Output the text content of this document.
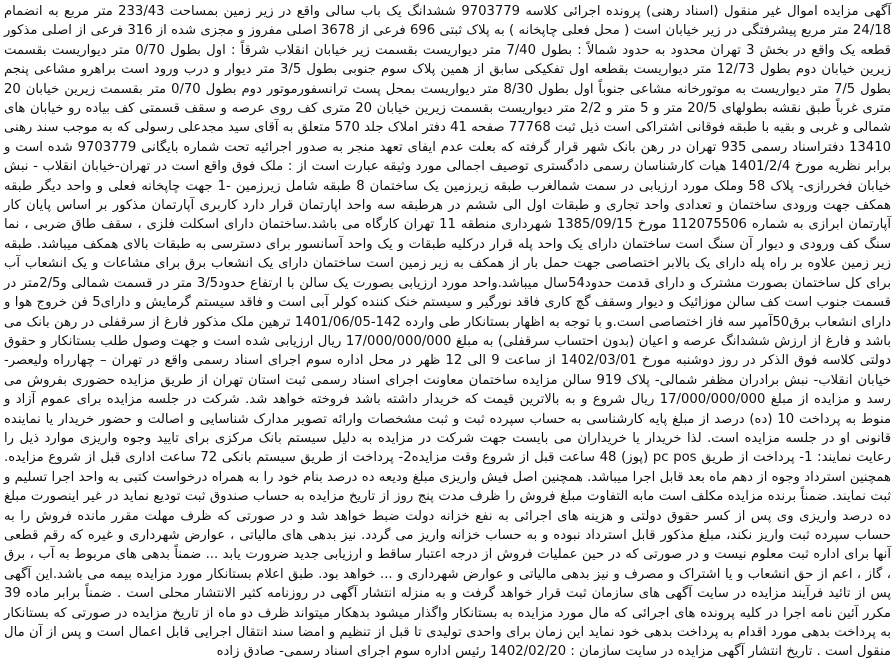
آگهی مزایده اموال غیر منقول (اسناد رهنی) پرونده اجرائی کلاسه 9703779 ششدانگ یک باب سالی واقع در زیر زمین بمساحت 233/43 متر مربع به انضمام 24/18 متر مربع پیشرفتگی در زیر خیابان است ( محل فعلی چاپخانه ) به پلاک ثبتی 696 فرعی از 3678 اصلی مفروز و مجزی شده از 316 فرعی از اصلی مذکور قطعه یک واقع در بخش 3 تهران محدود به حدود شمالاً : بطول 7/40 متر دیواریست بقسمت زیر خیابان انقلاب شرقاً : اول بطول 0/70 متر دیواریست بقسمت زیرین خیابان دوم بطول 12/73 متر دیواریست بقطعه اول تفکیکی سابق از همین پلاک سوم جنوبی بطول 3/5 متر دیوار و درب ورود است براهرو مشاعی پنجم بطول 7/5 متر دیواریست به موتورخانه مشاعی جنوباً اول بطول 8/30 متر دیواریست بمحل پست ترانسفورموتور دوم بطول 0/70 متر بقسمت زیرین خیابان 20 متری غرباً طبق نقشه بطولهای 20/5 متر و 5 متر و 2/2 متر دیواریست بقسمت زیرین خیابان 20 متری کف روی عرصه و سقف قسمتی کف بیاده رو خیابان های شمالی و غربی و بقیه با طبقه فوقانی اشتراکی است ذیل ثبت 77768 صفحه 41 دفتر املاک جلد 570 متعلق به آقای سید مجدعلی رسولی که به موجب سند رهنی 13410 دفتراسناد رسمی 935 تهران در رهن بانک شهر قرار گرفته که بعلت عدم ایفای تعهد منجر به صدور اجرائیه تحت شماره بایگانی 9703779 شده است و برابر نظریه مورخ 1401/2/4 هیات کارشناسان رسمی دادگستری توصیف اجمالی مورد وثیقه عبارت است از : ملک فوق واقع است در تهران-خیابان انقلاب - نبش خیابان فخررازی- پلاک 58 وملک مورد ارزیابی در سمت شمالغرب طبقه زیرزمین یک ساختمان 8 طبقه شامل زیرزمین -1 جهت چاپخانه فعلی و واحد دیگر طبقه همکف جهت ورودی ساختمان و تعدادی واحد تجاری و طبقات اول الی ششم در هرطبقه سه واحد اپارتمان قرار دارد کاربری آپارتمان مذکور بر اساس پایان کار آپارتمان ابرازی به شماره 112075506 مورخ 1385/09/15 شهرداری منطقه 11 تهران کارگاه می باشد.ساختمان دارای اسکلت فلزی ، سقف طاق ضربی ، نما سنگ کف ورودی و دیوار آن سنگ است ساختمان دارای یک واحد پله قرار درکلیه طبقات و یک واحد آسانسور برای دسترسی به طبقات بالای همکف میباشد. طبقه زیر زمین علاوه بر راه پله دارای یک بالابر اختصاصی جهت حمل بار از همکف به زیر زمین است ساختمان دارای یک انشعاب برق برای مشاعات و یک انشعاب آب برای کل ساختمان بصورت مشترک و دارای قدمت حدود54سال میباشد.واحد مورد ارزیابی بصورت یک سالن با ارتفاع حدود3/5 متر در قسمت شمالی و2/5متر در قسمت جنوب است کف سالن موزائیک و دیوار وسقف گچ کاری فاقد نورگیر و سیستم خنک کننده کولر آبی است و فاقد سیستم گرمایش و دارای5 فن خروج هوا و دارای انشعاب برق50آمپر سه فاز اختصاصی است.و با توجه به اظهار بستانکار طی وارده 142-1401/06/05 ترهین ملک مذکور فارغ از سرقفلی در رهن بانک می باشد و فارغ از ارزش ششدانگ عرصه و اعیان (بدون احتساب سرقفلی) به مبلغ 17/000/000/000 ریال ارزیابی شده است و جهت وصول طلب بستانکار و حقوق دولتی کلاسه فوق الذکر در روز دوشنبه مورخ 1402/03/01 از ساعت 9 الی 12 ظهر در محل اداره سوم اجرای اسناد رسمی واقع در تهران – چهارراه ولیعصر- خیابان انقلاب- نبش برادران مظفر شمالی- پلاک 919 سالن مزایده ساختمان معاونت اجرای اسناد رسمی ثبت استان تهران از طریق مزایده حضوری بفروش می رسد و مزایده از مبلغ 17/000/000/000 ریال شروع و به بالاترین قیمت که خریدار داشته باشد فروخته خواهد شد. شرکت در جلسه مزایده برای عموم آزاد و منوط به پرداخت 10 (ده) درصد از مبلغ پایه کارشناسی به حساب سپرده ثبت و ثبت مشخصات وارائه تصویر مدارک شناسایی و اصالت و حضور خریدار یا نماینده قانونی او در جلسه مزایده است. لذا خریدار یا خریداران می بایست جهت شرکت در مزایده به دلیل سیستم بانک مرکزی برای تایید وجوه واریزی موارد ذیل را رعایت نمایند: 1- پرداخت از طریق pc pos (پوز) 48 ساعت قبل از شروع وقت مزایده2- پرداخت از طریق سیستم بانکی 72 ساعت اداری قبل از شروع مزایده. همچنین استرداد وجوه از دهم ماه بعد قابل اجرا میباشد. همچنین اصل فیش واریزی مبلغ ودیعه ده درصد بنام خود را به همراه درخواست کتبی به واحد اجرا تسلیم و ثبت نمایند. ضمناً برنده مزایده مکلف است مابه التفاوت مبلغ فروش را ظرف مدت پنج روز از تاریخ مزایده به حساب صندوق ثبت تودیع نماید در غیر اینصورت مبلغ ده درصد واریزی وی پس از کسر حقوق دولتی و هزینه های اجرائی به نفع خزانه دولت ضبط خواهد شد و در صورتی که ظرف مهلت مقرر مانده فروش را به حساب سپرده ثبت واریز نکند، مبلغ مذکور قابل استرداد نبوده و به حساب خزانه واریز می گردد. نیز بدهی های مالیاتی ، عوارض شهرداری و غیره که رقم قطعی آنها برای اداره ثبت معلوم نیست و در صورتی که در حین عملیات فروش از درجه اعتبار ساقط و ارزیابی جدید ضرورت یابد ... ضمناً بدهی های مربوط به آب ، برق ، گاز ، اعم از حق انشعاب و یا اشتراک و مصرف و نیز بدهی مالیاتی و عوارض شهرداری و ... خواهد بود. طبق اعلام بستانکار مورد مزایده بیمه می باشد.این آگهی پس از تائید فرآیند مزایده در سایت آگهی های سازمان ثبت قرار خواهد گرفت و به منزله انتشار آگهی در روزنامه کثیر الانتشار محلی است . ضمناً برابر ماده 39 مکرر آئین نامه اجرا در کلیه پرونده های اجرائی که مال مورد مزایده به بستانکار واگذار میشود بدهکار میتواند ظرف دو ماه از تاریخ مزایده در صورتی که بستانکار به پرداخت بدهی مورد اقدام به پرداخت بدهی خود نماید این زمان برای واحدی تولیدی تا قبل از تنظیم و امضا سند انتقال اجرایی قابل اعمال است و پس از آن مال منقول است . تاریخ انتشار آگهی مزایده در سایت سازمان : 1402/02/20 رئیس اداره سوم اجرای اسناد رسمی- صادق زاده
